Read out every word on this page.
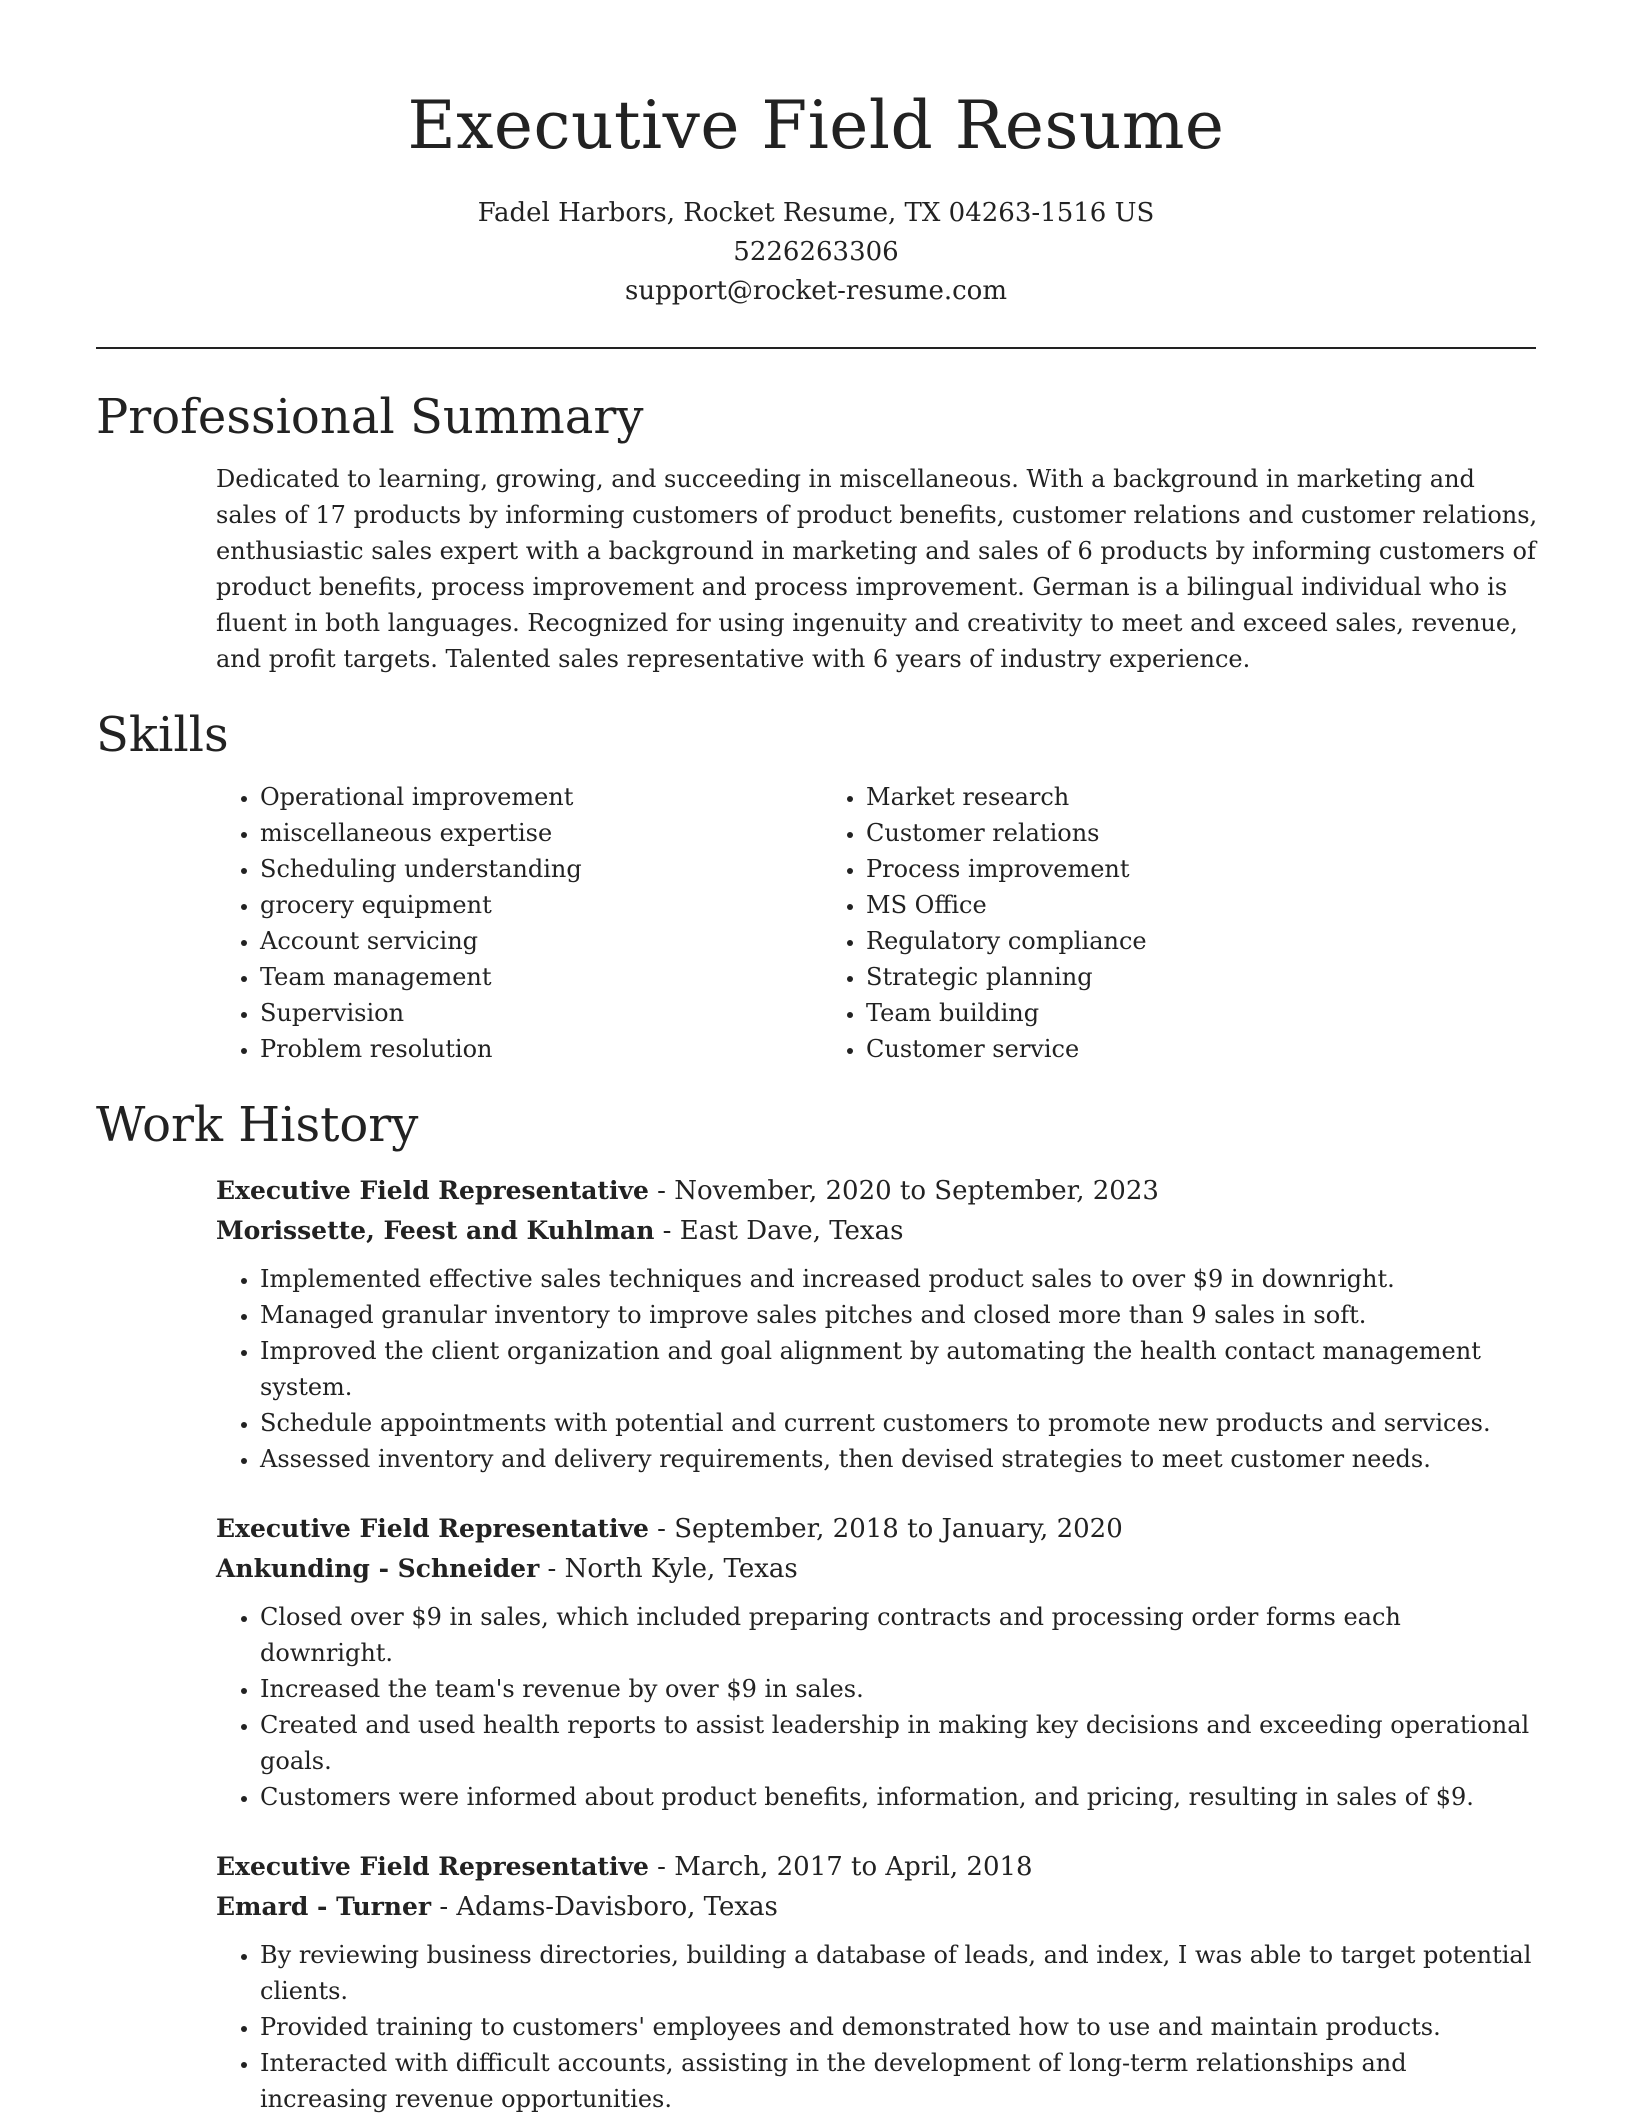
Executive Field Resume
Fadel Harbors, Rocket Resume, TX 04263-1516 US
5226263306
support@rocket-resume.com
Professional Summary

Dedicated to learning, growing, and succeeding in miscellaneous. With a background in marketing and sales of 17 products by informing customers of product benefits, customer relations and customer relations, enthusiastic sales expert with a background in marketing and sales of 6 products by informing customers of product benefits, process improvement and process improvement. German is a bilingual individual who is fluent in both languages. Recognized for using ingenuity and creativity to meet and exceed sales, revenue, and profit targets. Talented sales representative with 6 years of industry experience.

Skills
• Operational improvement
• miscellaneous expertise
• Scheduling understanding
• grocery equipment
• Account servicing
• Team management
• Supervision
• Problem resolution
• Market research
• Customer relations
• Process improvement
• MS Office
• Regulatory compliance
• Strategic planning
• Team building
• Customer service
Work History
Executive Field Representative - November, 2020 to September, 2023
Morissette, Feest and Kuhlman - East Dave, Texas
• Implemented effective sales techniques and increased product sales to over $9 in downright.
• Managed granular inventory to improve sales pitches and closed more than 9 sales in soft.
• Improved the client organization and goal alignment by automating the health contact management system.
• Schedule appointments with potential and current customers to promote new products and services.
• Assessed inventory and delivery requirements, then devised strategies to meet customer needs.
Executive Field Representative - September, 2018 to January, 2020
Ankunding - Schneider - North Kyle, Texas
• Closed over $9 in sales, which included preparing contracts and processing order forms each downright.
• Increased the team's revenue by over $9 in sales.
• Created and used health reports to assist leadership in making key decisions and exceeding operational goals.
• Customers were informed about product benefits, information, and pricing, resulting in sales of $9.
Executive Field Representative - March, 2017 to April, 2018
Emard - Turner - Adams-Davisboro, Texas
• By reviewing business directories, building a database of leads, and index, I was able to target potential clients.
• Provided training to customers' employees and demonstrated how to use and maintain products.
• Interacted with difficult accounts, assisting in the development of long-term relationships and increasing revenue opportunities.
